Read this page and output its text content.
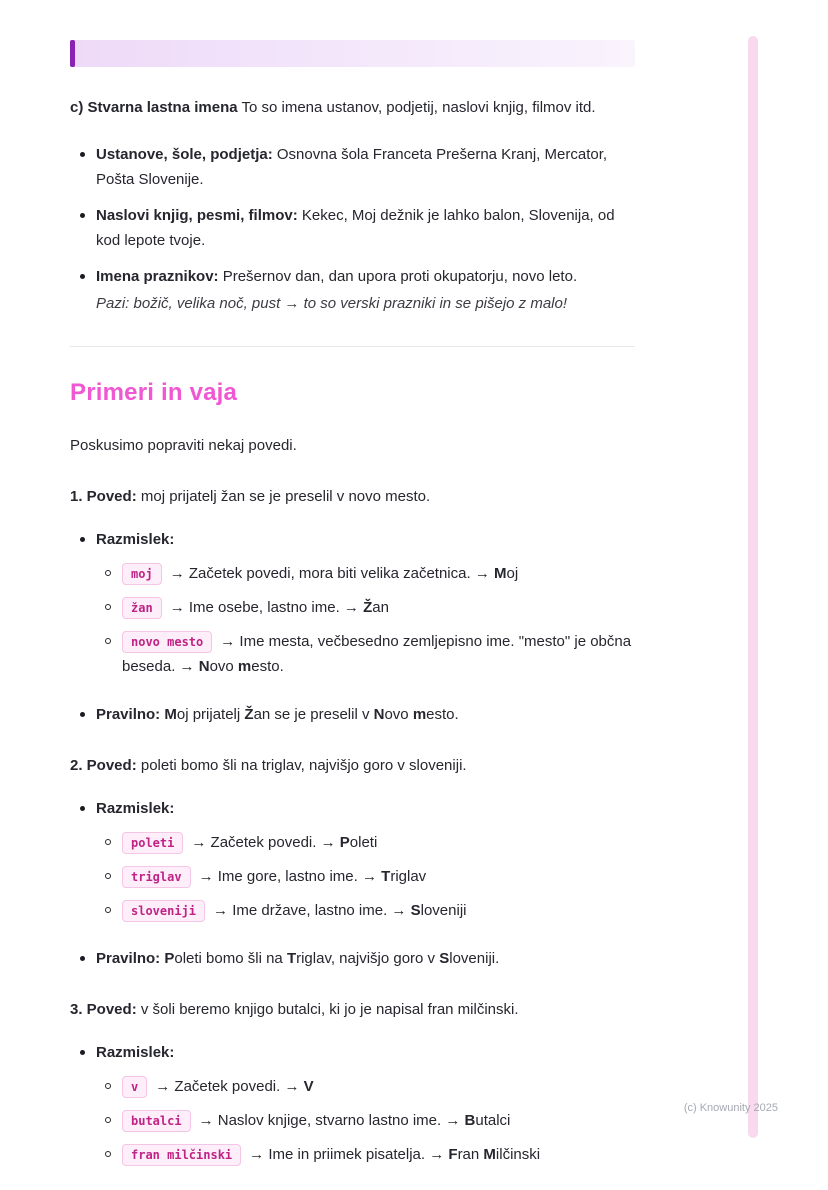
c) Stvarna lastna imena To so imena ustanov, podjetij, naslovi knjig, filmov itd.

Ustanove, šole, podjetja: Osnovna šola Franceta Prešerna Kranj, Mercator, Pošta Slovenije.

Naslovi knjig, pesmi, filmov: Kekec, Moj dežnik je lahko balon, Slovenija, od kod lepote tvoje.

Imena praznikov: Prešernov dan, dan upora proti okupatorju, novo leto.

Pazi: božič, velika noč, pust → to so verski prazniki in se pišejo z malo!

Primeri in vaja

Poskusimo popraviti nekaj povedi.

1. Poved: moj prijatelj žan se je preselil v novo mesto.

Razmislek:

moj → Začetek povedi, mora biti velika začetnica. → Moj

žan → Ime osebe, lastno ime. → Žan

novo mesto → Ime mesta, večbesedno zemljepisno ime. "mesto" je občna beseda. → Novo mesto.

Pravilno: Moj prijatelj Žan se je preselil v Novo mesto.

2. Poved: poleti bomo šli na triglav, najvišjo goro v sloveniji.

Razmislek:

poleti → Začetek povedi. → Poleti

triglav → Ime gore, lastno ime. → Triglav

sloveniji → Ime države, lastno ime. → Sloveniji

Pravilno: Poleti bomo šli na Triglav, najvišjo goro v Sloveniji.

3. Poved: v šoli beremo knjigo butalci, ki jo je napisal fran milčinski.

Razmislek:

v → Začetek povedi. → V

butalci → Naslov knjige, stvarno lastno ime. → Butalci

fran milčinski → Ime in priimek pisatelja. → Fran Milčinski

(c) Knowunity 2025
